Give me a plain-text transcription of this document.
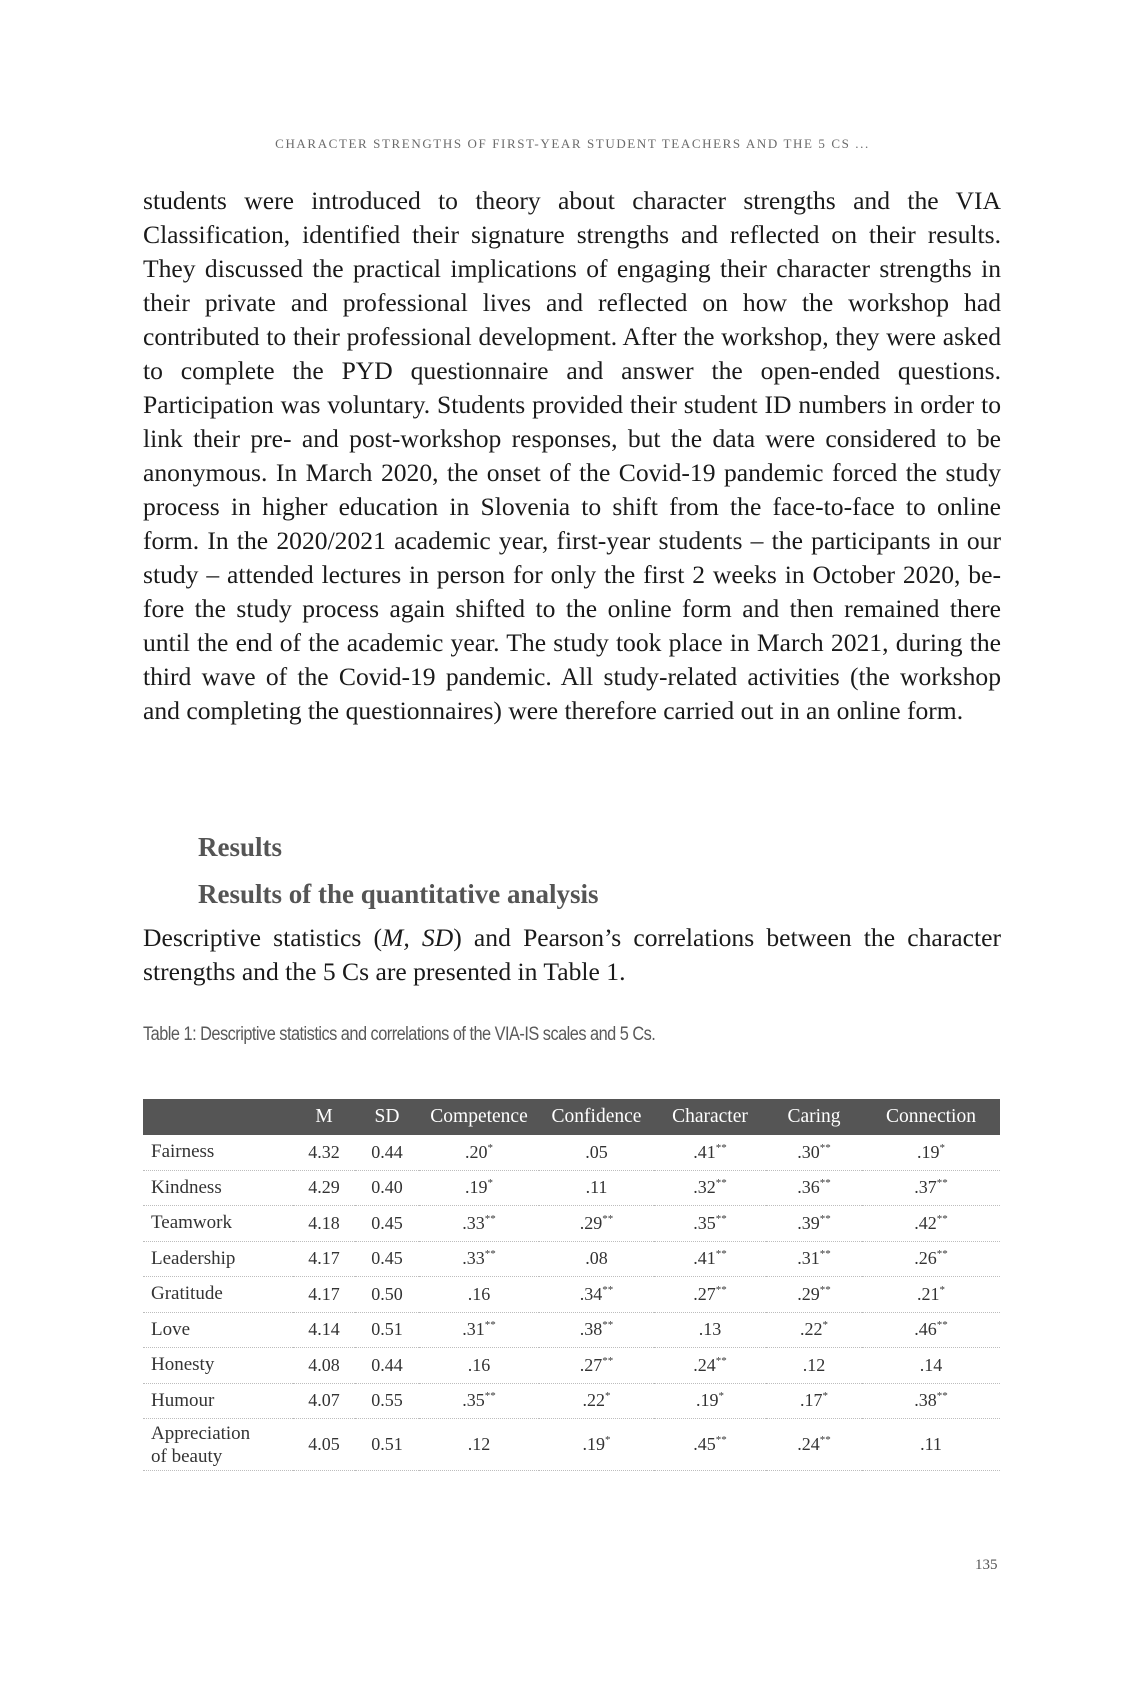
CHARACTER STRENGTHS OF FIRST-YEAR STUDENT TEACHERS AND THE 5 CS ...

students were introduced to theory about character strengths and the VIA Classification, identified their signature strengths and reflected on their results. They discussed the practical implications of engaging their character strengths in their private and professional lives and reflected on how the workshop had contributed to their professional development. After the workshop, they were asked to complete the PYD questionnaire and answer the open-ended questions. Participation was voluntary. Students provided their student ID numbers in order to link their pre- and post-workshop responses, but the data were considered to be anonymous. In March 2020, the onset of the Covid-19 pandemic forced the study process in higher education in Slovenia to shift from the face-to-face to online form. In the 2020/2021 academic year, first-year students – the participants in our study – attended lectures in person for only the first 2 weeks in October 2020, before the study process again shifted to the online form and then remained there until the end of the academic year. The study took place in March 2021, during the third wave of the Covid-19 pandemic. All study-related activities (the workshop and completing the questionnaires) were therefore carried out in an online form.

Results
Results of the quantitative analysis

Descriptive statistics (M, SD) and Pearson’s correlations between the character strengths and the 5 Cs are presented in Table 1.

Table 1: Descriptive statistics and correlations of the VIA-IS scales and 5 Cs.
	M	SD	Competence	Confidence	Character	Caring	Connection
Fairness	4.32	0.44	.20*	.05	.41**	.30**	.19*
Kindness	4.29	0.40	.19*	.11	.32**	.36**	.37**
Teamwork	4.18	0.45	.33**	.29**	.35**	.39**	.42**
Leadership	4.17	0.45	.33**	.08	.41**	.31**	.26**
Gratitude	4.17	0.50	.16	.34**	.27**	.29**	.21*
Love	4.14	0.51	.31**	.38**	.13	.22*	.46**
Honesty	4.08	0.44	.16	.27**	.24**	.12	.14
Humour	4.07	0.55	.35**	.22*	.19*	.17*	.38**
Appreciation of beauty	4.05	0.51	.12	.19*	.45**	.24**	.11
135
